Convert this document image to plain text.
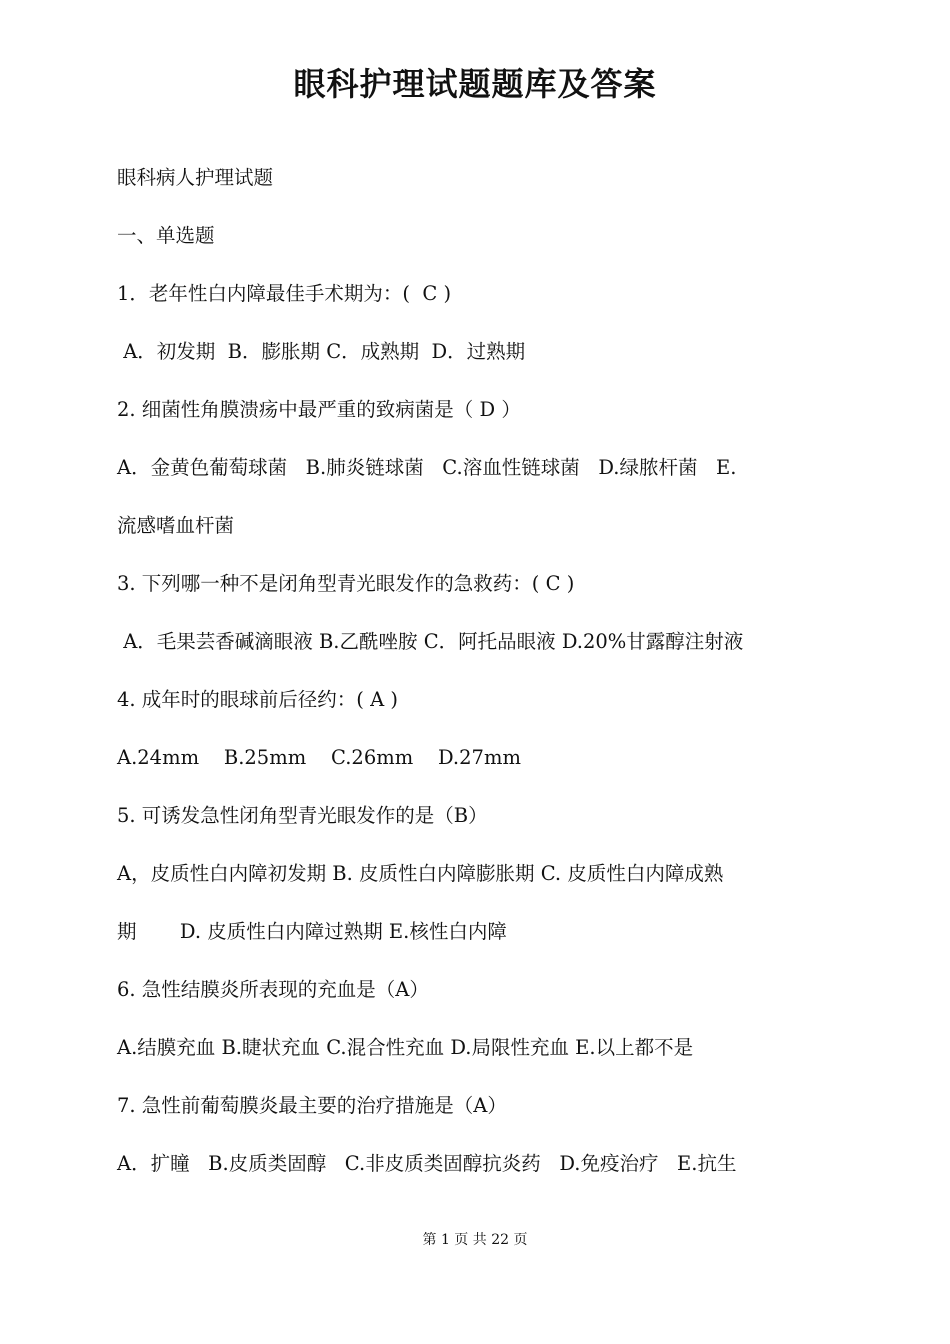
眼科护理试题题库及答案
眼科病人护理试题
一、单选题
1．老年性白内障最佳手术期为：(  C )
A．初发期  B．膨胀期 C．成熟期  D．过熟期
2. 细菌性角膜溃疡中最严重的致病菌是（ D ）
A．金黄色葡萄球菌   B.肺炎链球菌   C.溶血性链球菌   D.绿脓杆菌   E.
流感嗜血杆菌
3. 下列哪一种不是闭角型青光眼发作的急救药：( C )
A．毛果芸香碱滴眼液 B.乙酰唑胺 C．阿托品眼液 D.20%甘露醇注射液
4. 成年时的眼球前后径约：( A )
A.24mm    B.25mm    C.26mm    D.27mm
5. 可诱发急性闭角型青光眼发作的是（B）
A，皮质性白内障初发期 B. 皮质性白内障膨胀期 C. 皮质性白内障成熟
期       D. 皮质性白内障过熟期 E.核性白内障
6. 急性结膜炎所表现的充血是（A）
A.结膜充血 B.睫状充血 C.混合性充血 D.局限性充血 E.以上都不是
7. 急性前葡萄膜炎最主要的治疗措施是（A）
A．扩瞳   B.皮质类固醇   C.非皮质类固醇抗炎药   D.免疫治疗   E.抗生
第 1 页 共 22 页
